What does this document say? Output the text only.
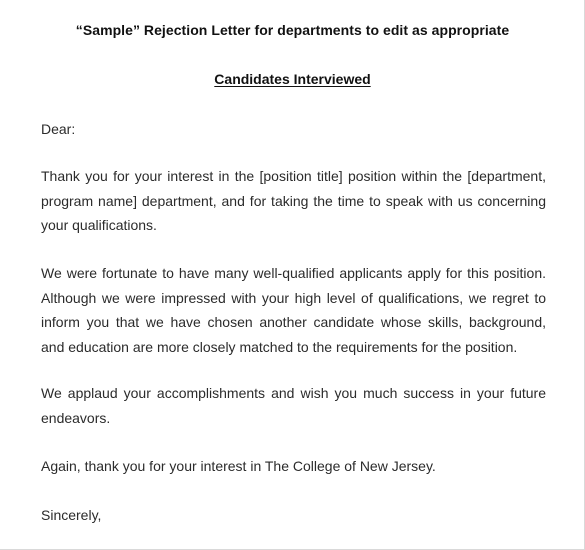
“Sample” Rejection Letter for departments to edit as appropriate
Candidates Interviewed
Dear:
Thank you for your interest in the [position title] position within the [department,
program name] department, and for taking the time to speak with us concerning
your qualifications.
We were fortunate to have many well-qualified applicants apply for this position.
Although we were impressed with your high level of qualifications, we regret to
inform you that we have chosen another candidate whose skills, background,
and education are more closely matched to the requirements for the position.
We applaud your accomplishments and wish you much success in your future
endeavors.
Again, thank you for your interest in The College of New Jersey.
Sincerely,
